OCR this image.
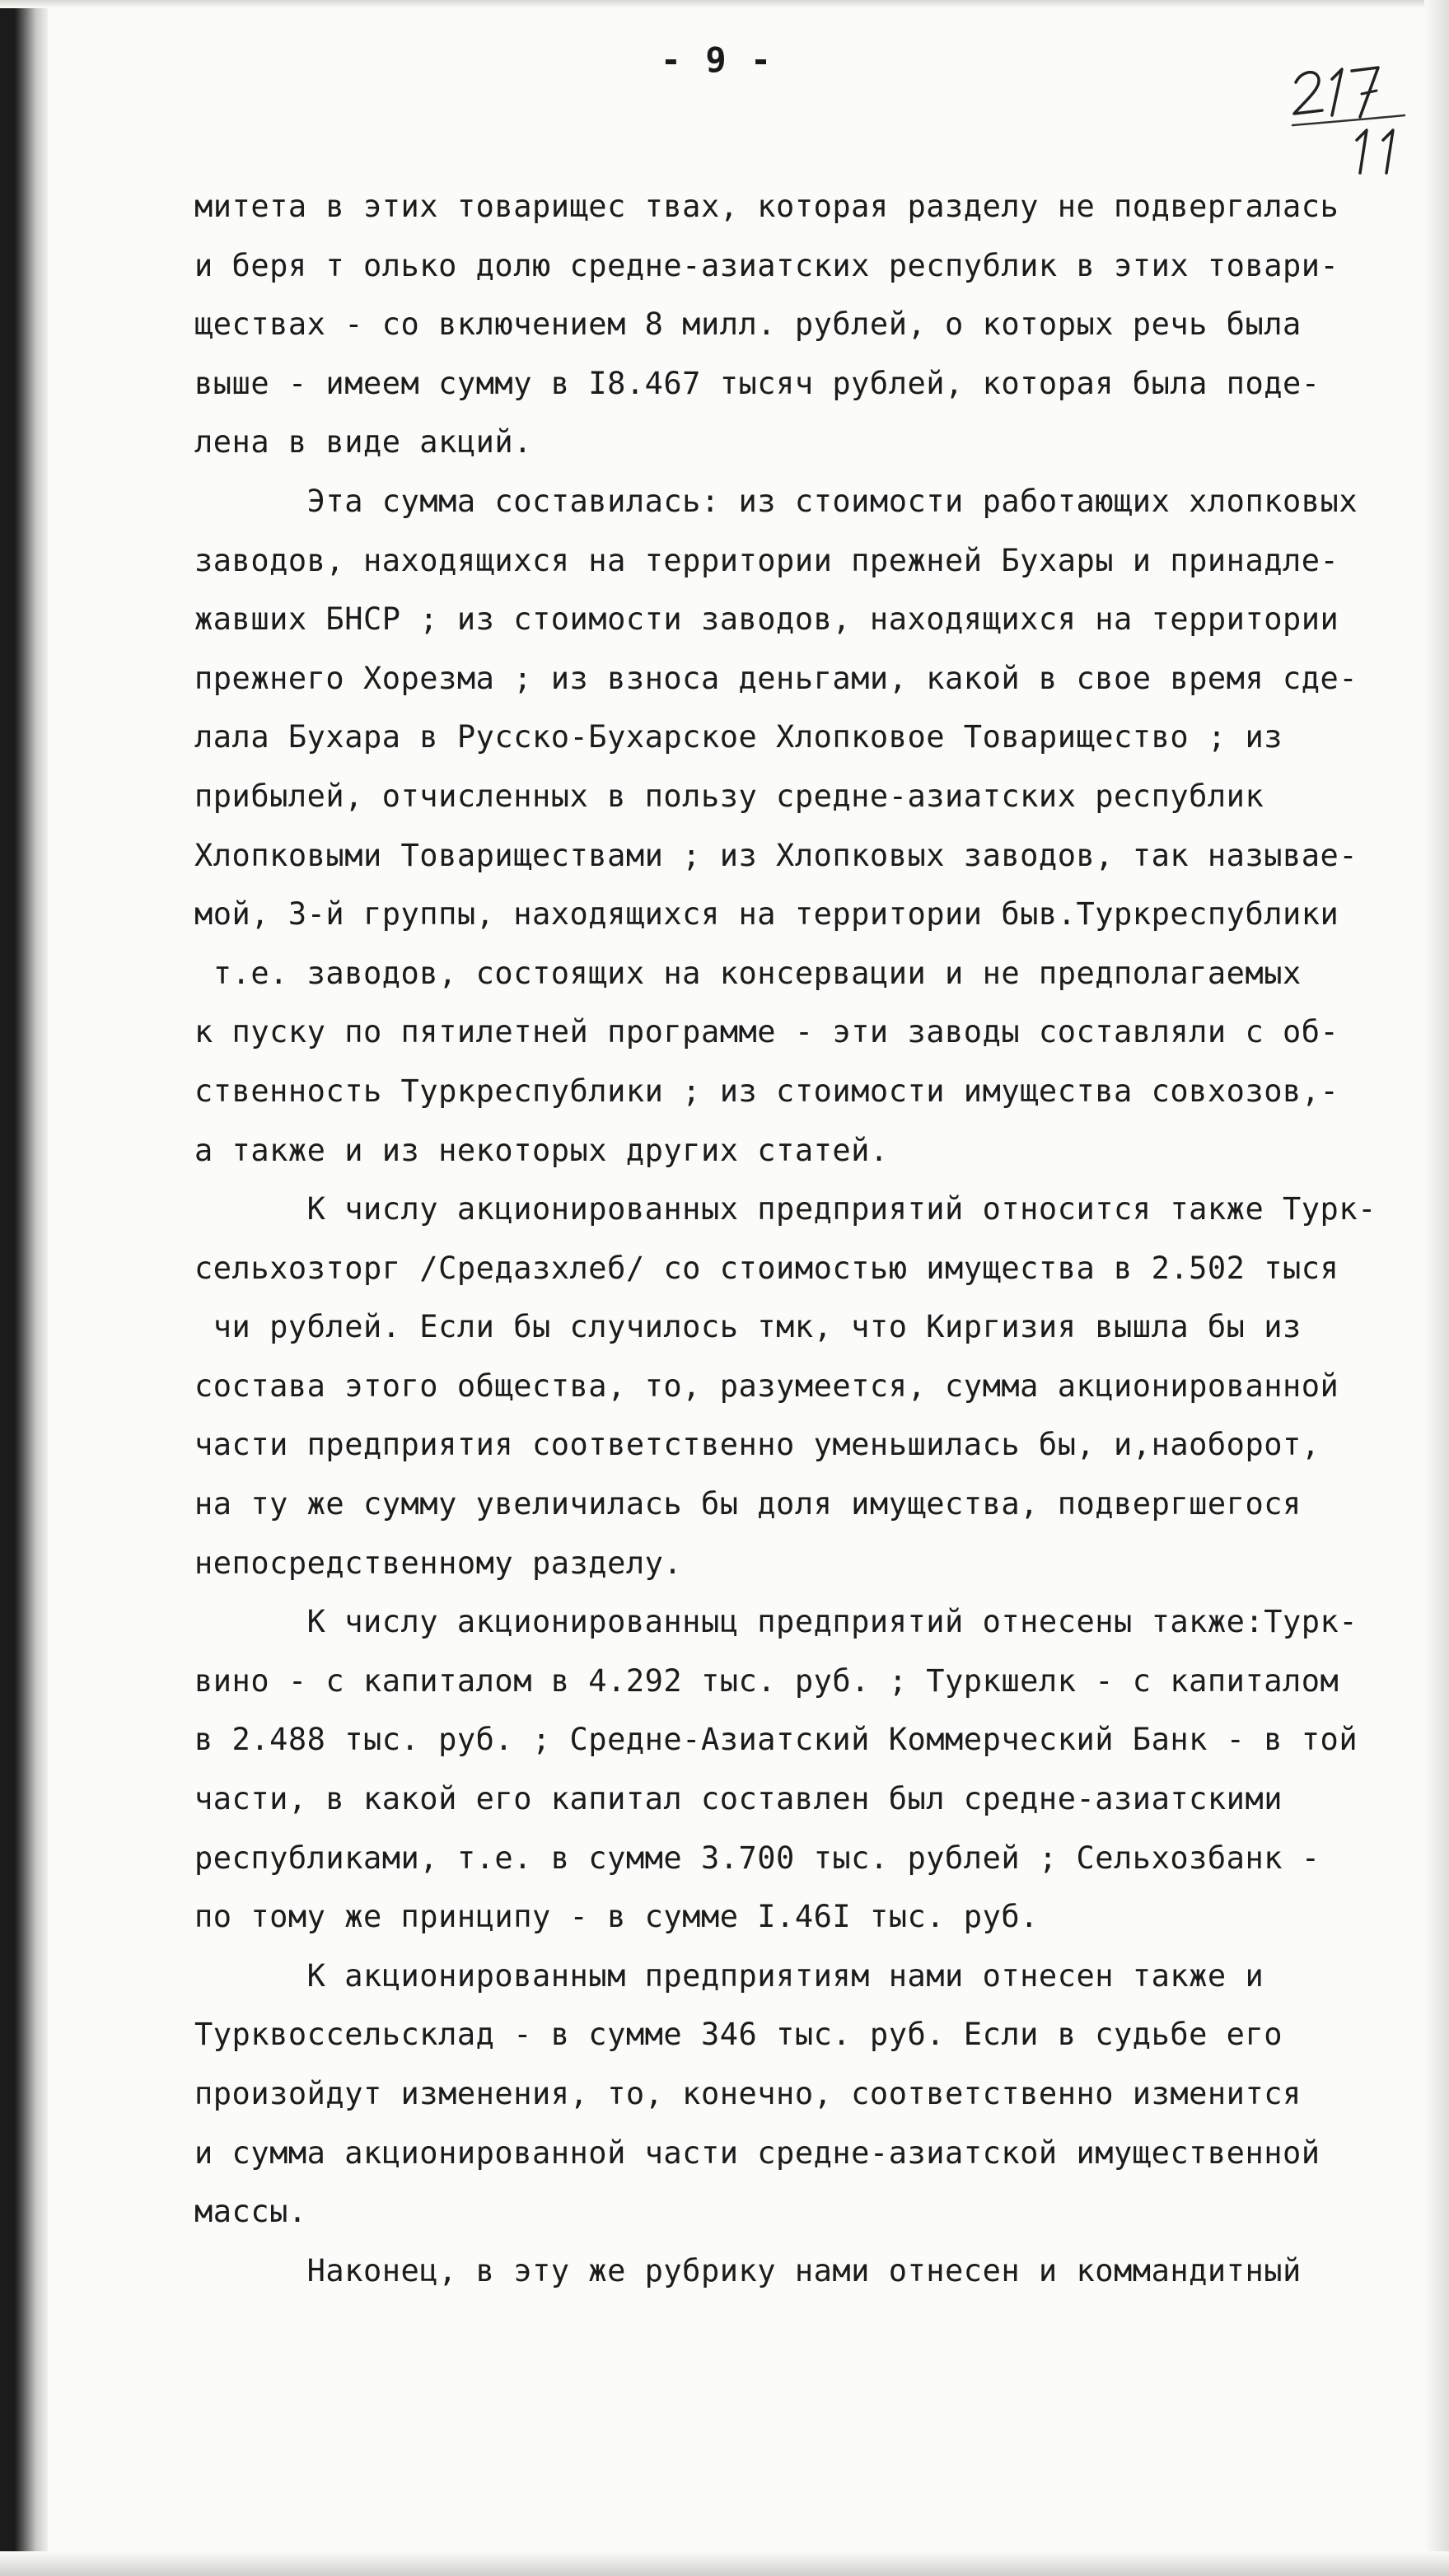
- 9 -
митета в этих товарищес твах, которая разделу не подвергалась
и беря т олько долю средне-азиатских республик в этих товари-
ществах - со включением 8 милл. рублей, о которых речь была
выше - имеем сумму в I8.467 тысяч рублей, которая была поде-
лена в виде акций.
Эта сумма составилась: из стоимости работающих хлопковых
заводов, находящихся на территории прежней Бухары и принадле-
жавших БНСР ; из стоимости заводов, находящихся на территории
прежнего Хорезма ; из взноса деньгами, какой в свое время сде-
лала Бухара в Русско-Бухарское Хлопковое Товарищество ; из
прибылей, отчисленных в пользу средне-азиатских республик
Хлопковыми Товариществами ; из Хлопковых заводов, так называе-
мой, 3-й группы, находящихся на территории быв.Туркреспублики
т.е. заводов, состоящих на консервации и не предполагаемых
к пуску по пятилетней программе - эти заводы составляли с об-
ственность Туркреспублики ; из стоимости имущества совхозов,-
а также и из некоторых других статей.
К числу акционированных предприятий относится также Турк-
сельхозторг /Средазхлеб/ со стоимостью имущества в 2.502 тыся
чи рублей. Если бы случилось тмк, что Киргизия вышла бы из
состава этого общества, то, разумеется, сумма акционированной
части предприятия соответственно уменьшилась бы, и,наоборот,
на ту же сумму увеличилась бы доля имущества, подвергшегося
непосредственному разделу.
К числу акционированныц предприятий отнесены также:Турк-
вино - с капиталом в 4.292 тыс. руб. ; Туркшелк - с капиталом
в 2.488 тыс. руб. ; Средне-Азиатский Коммерческий Банк - в той
части, в какой его капитал составлен был средне-азиатскими
республиками, т.е. в сумме 3.700 тыс. рублей ; Сельхозбанк -
по тому же принципу - в сумме I.46I тыс. руб.
К акционированным предприятиям нами отнесен также и
Турквоссельсклад - в сумме 346 тыс. руб. Если в судьбе его
произойдут изменения, то, конечно, соответственно изменится
и сумма акционированной части средне-азиатской имущественной
массы.
Наконец, в эту же рубрику нами отнесен и коммандитный
